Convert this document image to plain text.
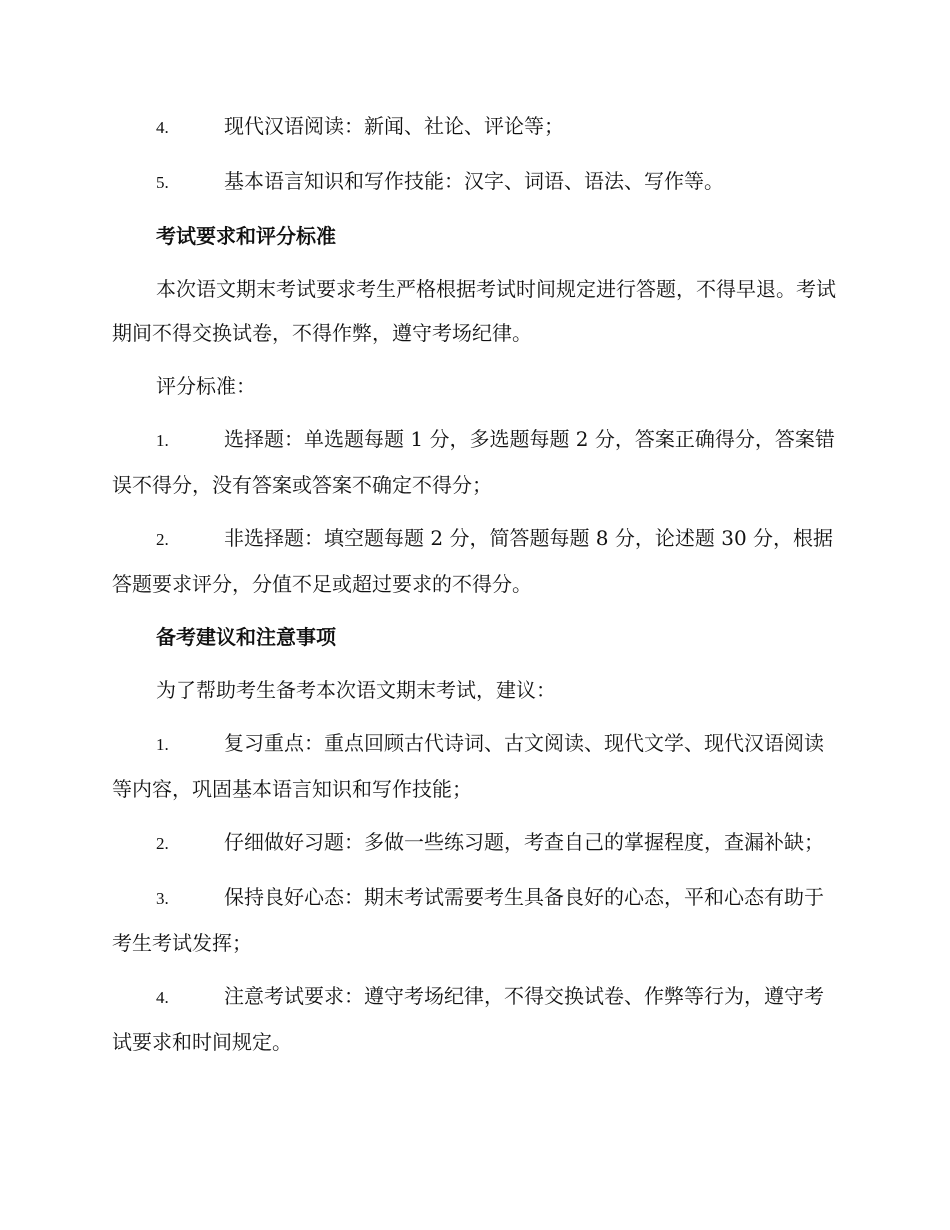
4.	现代汉语阅读：新闻、社论、评论等；

5.	基本语言知识和写作技能：汉字、词语、语法、写作等。

考试要求和评分标准

本次语文期末考试要求考生严格根据考试时间规定进行答题，不得早退。考试期间不得交换试卷，不得作弊，遵守考场纪律。

评分标准：

1.	选择题：单选题每题 1 分，多选题每题 2 分，答案正确得分，答案错误不得分，没有答案或答案不确定不得分；

2.	非选择题：填空题每题 2 分，简答题每题 8 分，论述题 30 分，根据答题要求评分，分值不足或超过要求的不得分。

备考建议和注意事项

为了帮助考生备考本次语文期末考试，建议：

1.	复习重点：重点回顾古代诗词、古文阅读、现代文学、现代汉语阅读等内容，巩固基本语言知识和写作技能；

2.	仔细做好习题：多做一些练习题，考查自己的掌握程度，查漏补缺；

3.	保持良好心态：期末考试需要考生具备良好的心态，平和心态有助于考生考试发挥；

4.	注意考试要求：遵守考场纪律，不得交换试卷、作弊等行为，遵守考试要求和时间规定。
